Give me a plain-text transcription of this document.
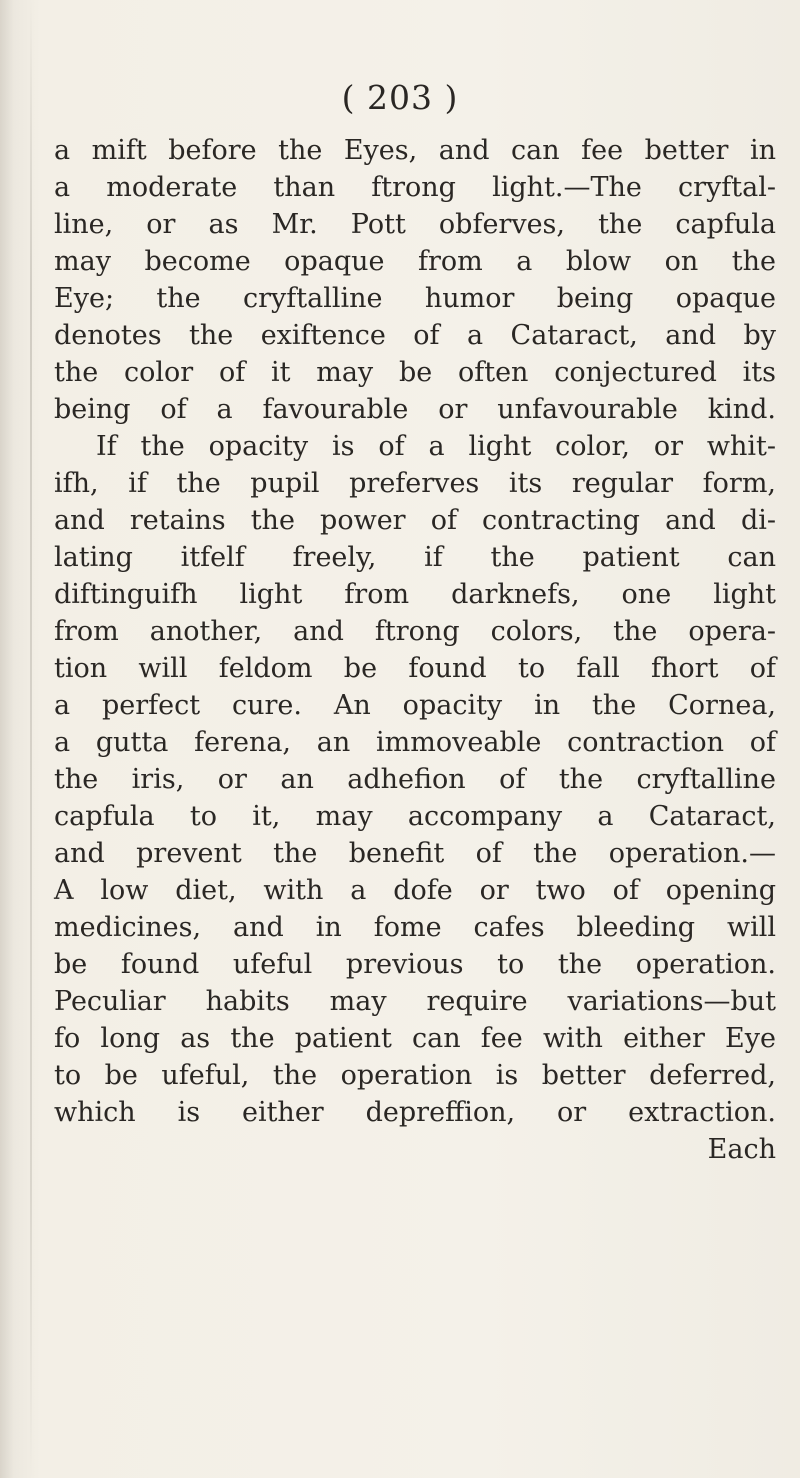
( 203 )
a mift before the Eyes, and can fee better in
a moderate than ftrong light.—The cryftal-
line, or as Mr. Pott obferves, the capfula
may become opaque from a blow on the
Eye; the cryftalline humor being opaque
denotes the exiftence of a Cataract, and by
the color of it may be often conjectured its
being of a favourable or unfavourable kind.
If the opacity is of a light color, or whit-
ifh, if the pupil preferves its regular form,
and retains the power of contracting and di-
lating itfelf freely, if the patient can
diftinguifh light from darknefs, one light
from another, and ftrong colors, the opera-
tion will feldom be found to fall fhort of
a perfect cure. An opacity in the Cornea,
a gutta ferena, an immoveable contraction of
the iris, or an adhefion of the cryftalline
capfula to it, may accompany a Cataract,
and prevent the benefit of the operation.—
A low diet, with a dofe or two of opening
medicines, and in fome cafes bleeding will
be found ufeful previous to the operation.
Peculiar habits may require variations—but
fo long as the patient can fee with either Eye
to be ufeful, the operation is better deferred,
which is either depreffion, or extraction.
Each
